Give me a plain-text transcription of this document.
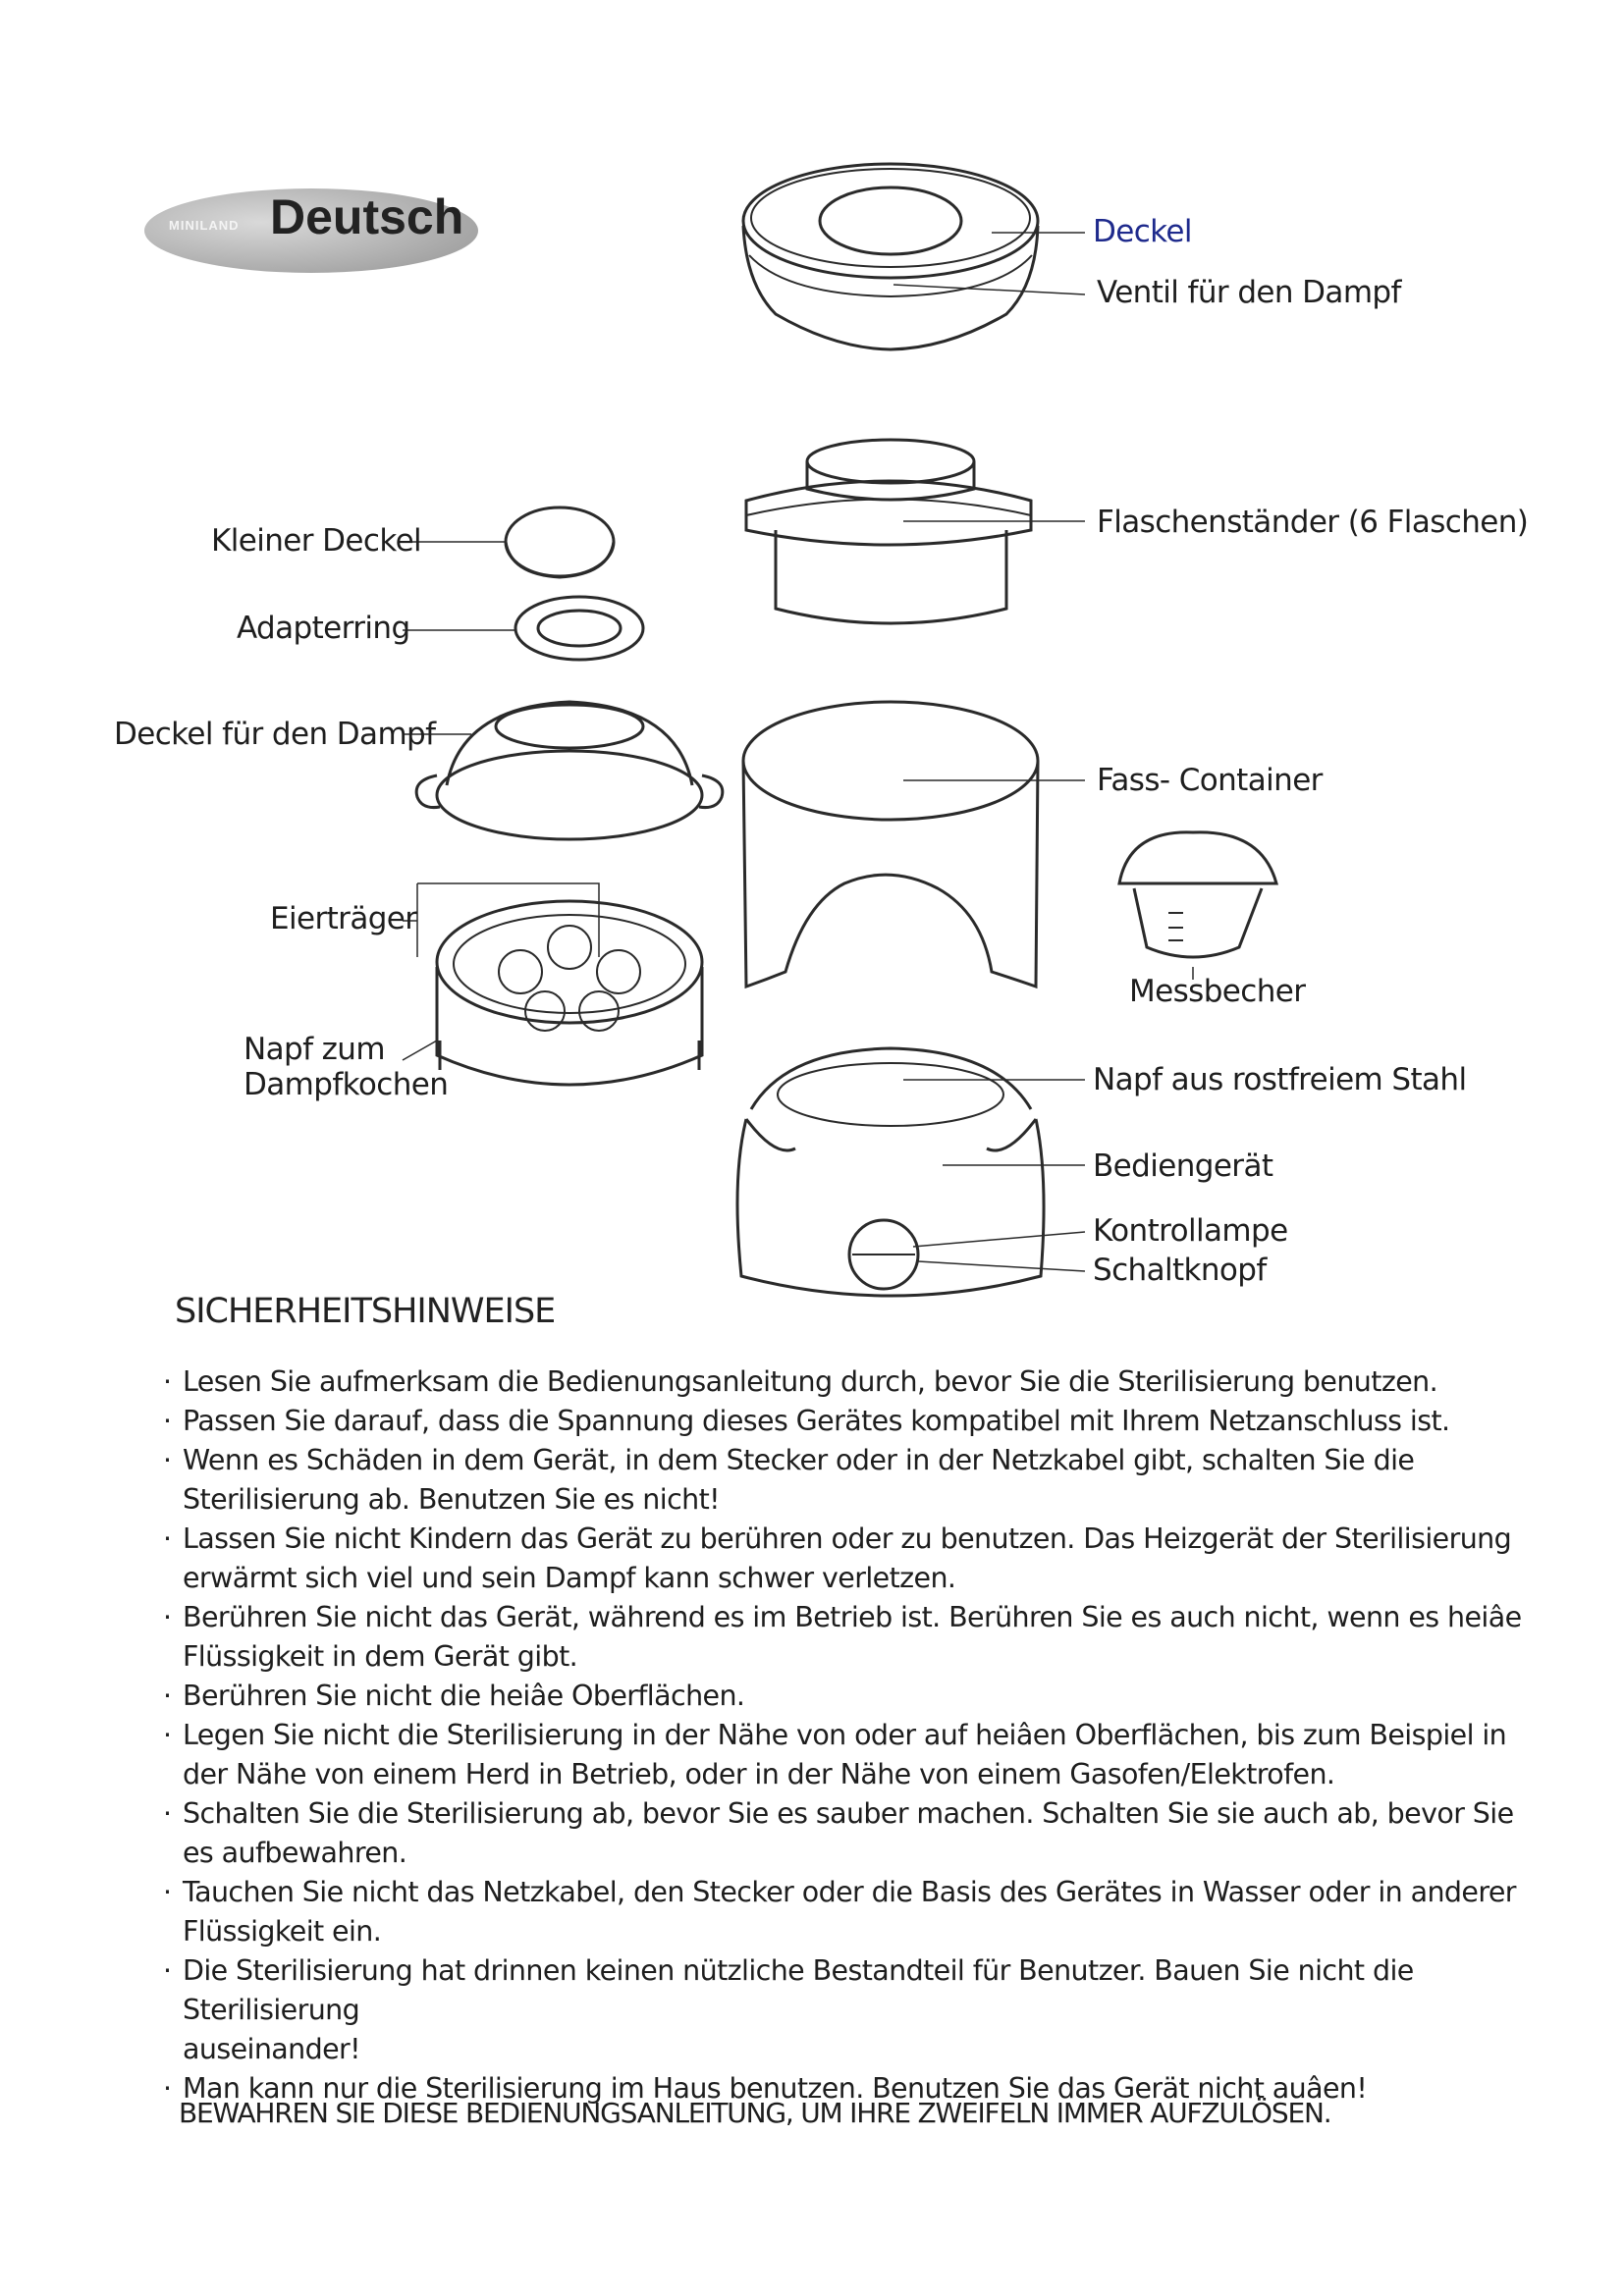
MINILAND Deutsch	Deckel
Ventil für den Dampf
Flaschenständer (6 Flaschen)
Kleiner Deckel
Adapterring
Deckel für den Dampf
Fass- Container
Eierträger
Messbecher
Napf zum
Dampfkochen	Napf aus rostfreiem Stahl
Bediengerät
Kontrollampe
Schaltknopf
SICHERHEITSHINWEISE
· Lesen Sie aufmerksam die Bedienungsanleitung durch, bevor Sie die Sterilisierung benutzen.
· Passen Sie darauf, dass die Spannung dieses Gerätes kompatibel mit Ihrem Netzanschluss ist.
· Wenn es Schäden in dem Gerät, in dem Stecker oder in der Netzkabel gibt, schalten Sie die
Sterilisierung ab. Benutzen Sie es nicht!
· Lassen Sie nicht Kindern das Gerät zu berühren oder zu benutzen. Das Heizgerät der Sterilisierung
erwärmt sich viel und sein Dampf kann schwer verletzen.
· Berühren Sie nicht das Gerät, während es im Betrieb ist. Berühren Sie es auch nicht, wenn es heiâe
Flüssigkeit in dem Gerät gibt.
· Berühren Sie nicht die heiâe Oberflächen.
· Legen Sie nicht die Sterilisierung in der Nähe von oder auf heiâen Oberflächen, bis zum Beispiel in
der Nähe von einem Herd in Betrieb, oder in der Nähe von einem Gasofen/Elektrofen.
· Schalten Sie die Sterilisierung ab, bevor Sie es sauber machen. Schalten Sie sie auch ab, bevor Sie
es aufbewahren.
· Tauchen Sie nicht das Netzkabel, den Stecker oder die Basis des Gerätes in Wasser oder in anderer
Flüssigkeit ein.
· Die Sterilisierung hat drinnen keinen nützliche Bestandteil für Benutzer. Bauen Sie nicht die Sterilisierung
auseinander!
· Man kann nur die Sterilisierung im Haus benutzen. Benutzen Sie das Gerät nicht auâen!
BEWAHREN SIE DIESE BEDIENUNGSANLEITUNG, UM IHRE ZWEIFELN IMMER AUFZULÖSEN.
